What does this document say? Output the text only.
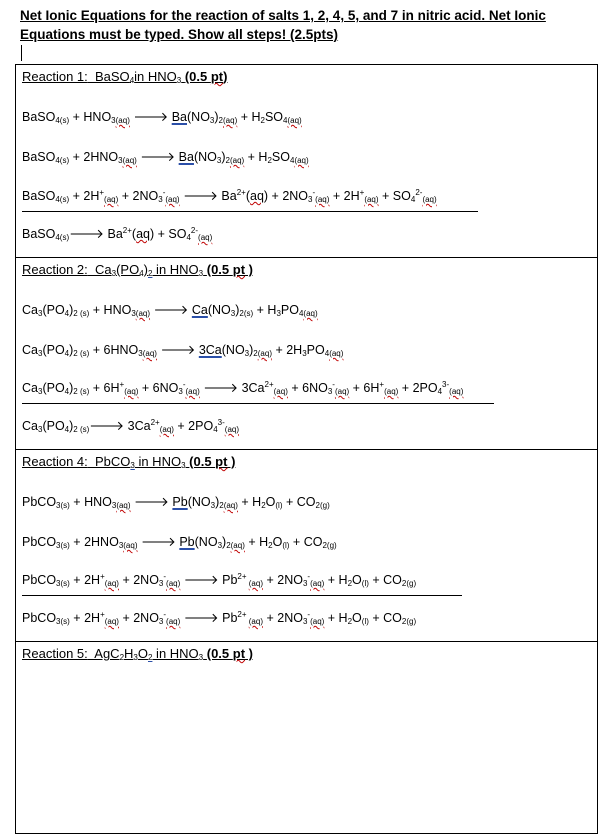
Net Ionic Equations for the reaction of salts 1, 2, 4, 5, and 7 in nitric acid. Net Ionic
Equations must be typed. Show all steps! (2.5pts)
Reaction 1:  BaSO$_4$in $HNO_3$ (0.5 pt)
BaSO$_{4(s)}$ + $HNO_{3(aq)}$ 🡒 $Ba(NO_3)_{2(aq)} + H_2SO_{4(aq)}$
BaSO$_{4(s)}$ + $2HNO_{3(aq)}$ 🡒 $Ba(NO_3)_{2(aq)} + H_2SO_{4(aq)}$
BaSO$_{4(s)}$ + $2H^+_{(aq)} + 2NO_3^-_{(aq)}$ 🡒 $Ba^{2+}(aq) + 2NO_3^-_{(aq)} + 2H^+_{(aq)} + SO_4^{2-}_{(aq)}$
BaSO$_{4(s)}$🡒 $Ba^{2+}(aq) + SO_4^{2-}_{(aq)}$
Reaction 2:  $Ca_3(PO_4)_2$ in $HNO_3$ (0.5 pt )
$Ca_3(PO_4)_{2 (s)} + HNO_{3(aq)}$ 🡒 $Ca(NO_3)_{2(s)} + H_3PO_{4(aq)}$
$Ca_3(PO_4)_{2 (s)} + 6HNO_{3(aq)}$ 🡒 $3Ca(NO_3)_{2(aq)} + 2H_3PO_{4(aq)}$
$Ca_3(PO_4)_{2 (s)} + 6H^+_{(aq)} + 6NO_3^-_{(aq)}$ 🡒 $3Ca^{2+}_{(aq)} + 6NO_3^-_{(aq)} + 6H^+_{(aq)} + 2PO_4^{3-}_{(aq)}$
$Ca_3(PO_4)_{2 (s)}🡒$ $3Ca^{2+}_{(aq)} + 2PO_4^{3-}_{(aq)}$
Reaction 4:  PbCO$_3$ in $HNO_3$ (0.5 pt )
PbCO$_{3(s)}$ + $HNO_{3(aq)}$ 🡒 $Pb(NO_3)_{2(aq)} + H_2O_{(l)} + CO_{2(g)}$
PbCO$_{3(s)}$ + $2HNO_{3(aq)}$ 🡒 $Pb(NO_3)_{2(aq)} + H_2O_{(l)} + CO_{2(g)}$
PbCO$_{3(s)}$ + $2H^+_{(aq)} + 2NO_3^-_{(aq)}$ 🡒 $Pb^{2+}$ $_{(aq)} + 2NO_3^-_{(aq)} + H_2O_{(l)} + CO_{2(g)}$
PbCO$_{3(s)}$ + $2H^+_{(aq)} + 2NO_3^-_{(aq)}$ 🡒 $Pb^{2+}$ $_{(aq)} + 2NO_3^-_{(aq)} + H_2O_{(l)} + CO_{2(g)}$
Reaction 5:  $AgC_2H_3O_2$ in $HNO_3$ (0.5 pt )
